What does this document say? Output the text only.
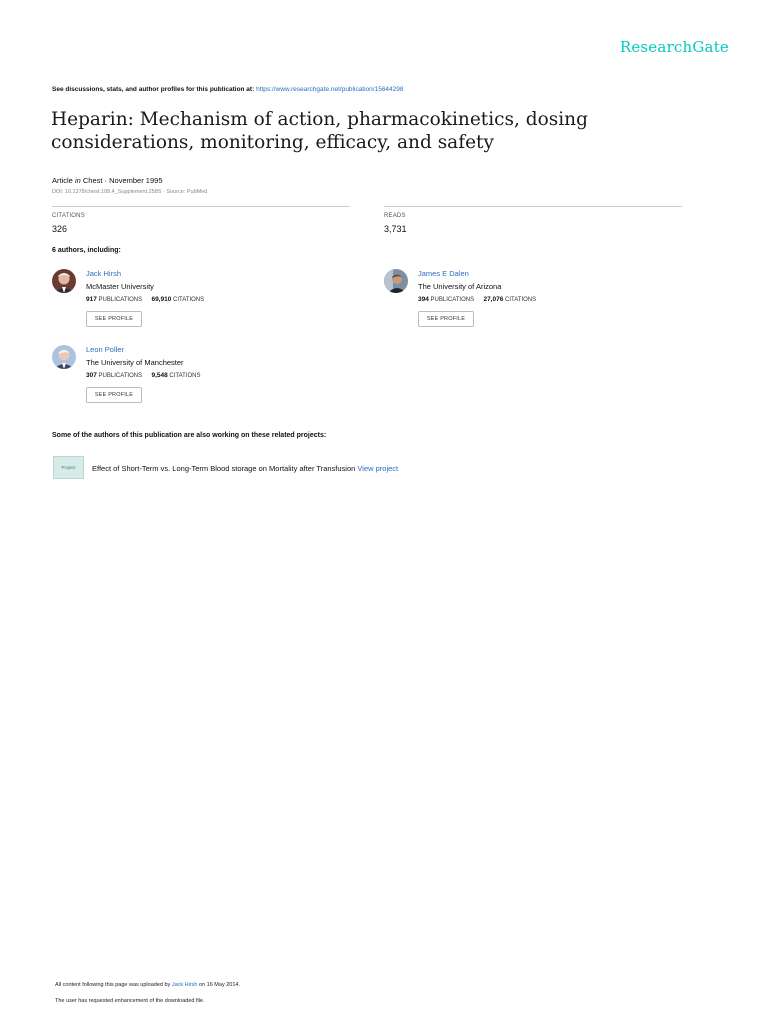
ResearchGate
See discussions, stats, and author profiles for this publication at: https://www.researchgate.net/publication/15644298
Heparin: Mechanism of action, pharmacokinetics, dosing considerations, monitoring, efficacy, and safety
Article in Chest · November 1995
DOI: 10.1378/chest.108.4_Supplement.258S · Source: PubMed
CITATIONS
326
READS
3,731
6 authors, including:
Jack Hirsh
McMaster University
917 PUBLICATIONS 69,910 CITATIONS
SEE PROFILE
James E Dalen
The University of Arizona
394 PUBLICATIONS 27,076 CITATIONS
SEE PROFILE
Leon Poller
The University of Manchester
307 PUBLICATIONS 9,548 CITATIONS
SEE PROFILE
Some of the authors of this publication are also working on these related projects:
Project	Effect of Short-Term vs. Long-Term Blood storage on Mortality after Transfusion View project
All content following this page was uploaded by Jack Hirsh on 16 May 2014.
The user has requested enhancement of the downloaded file.
